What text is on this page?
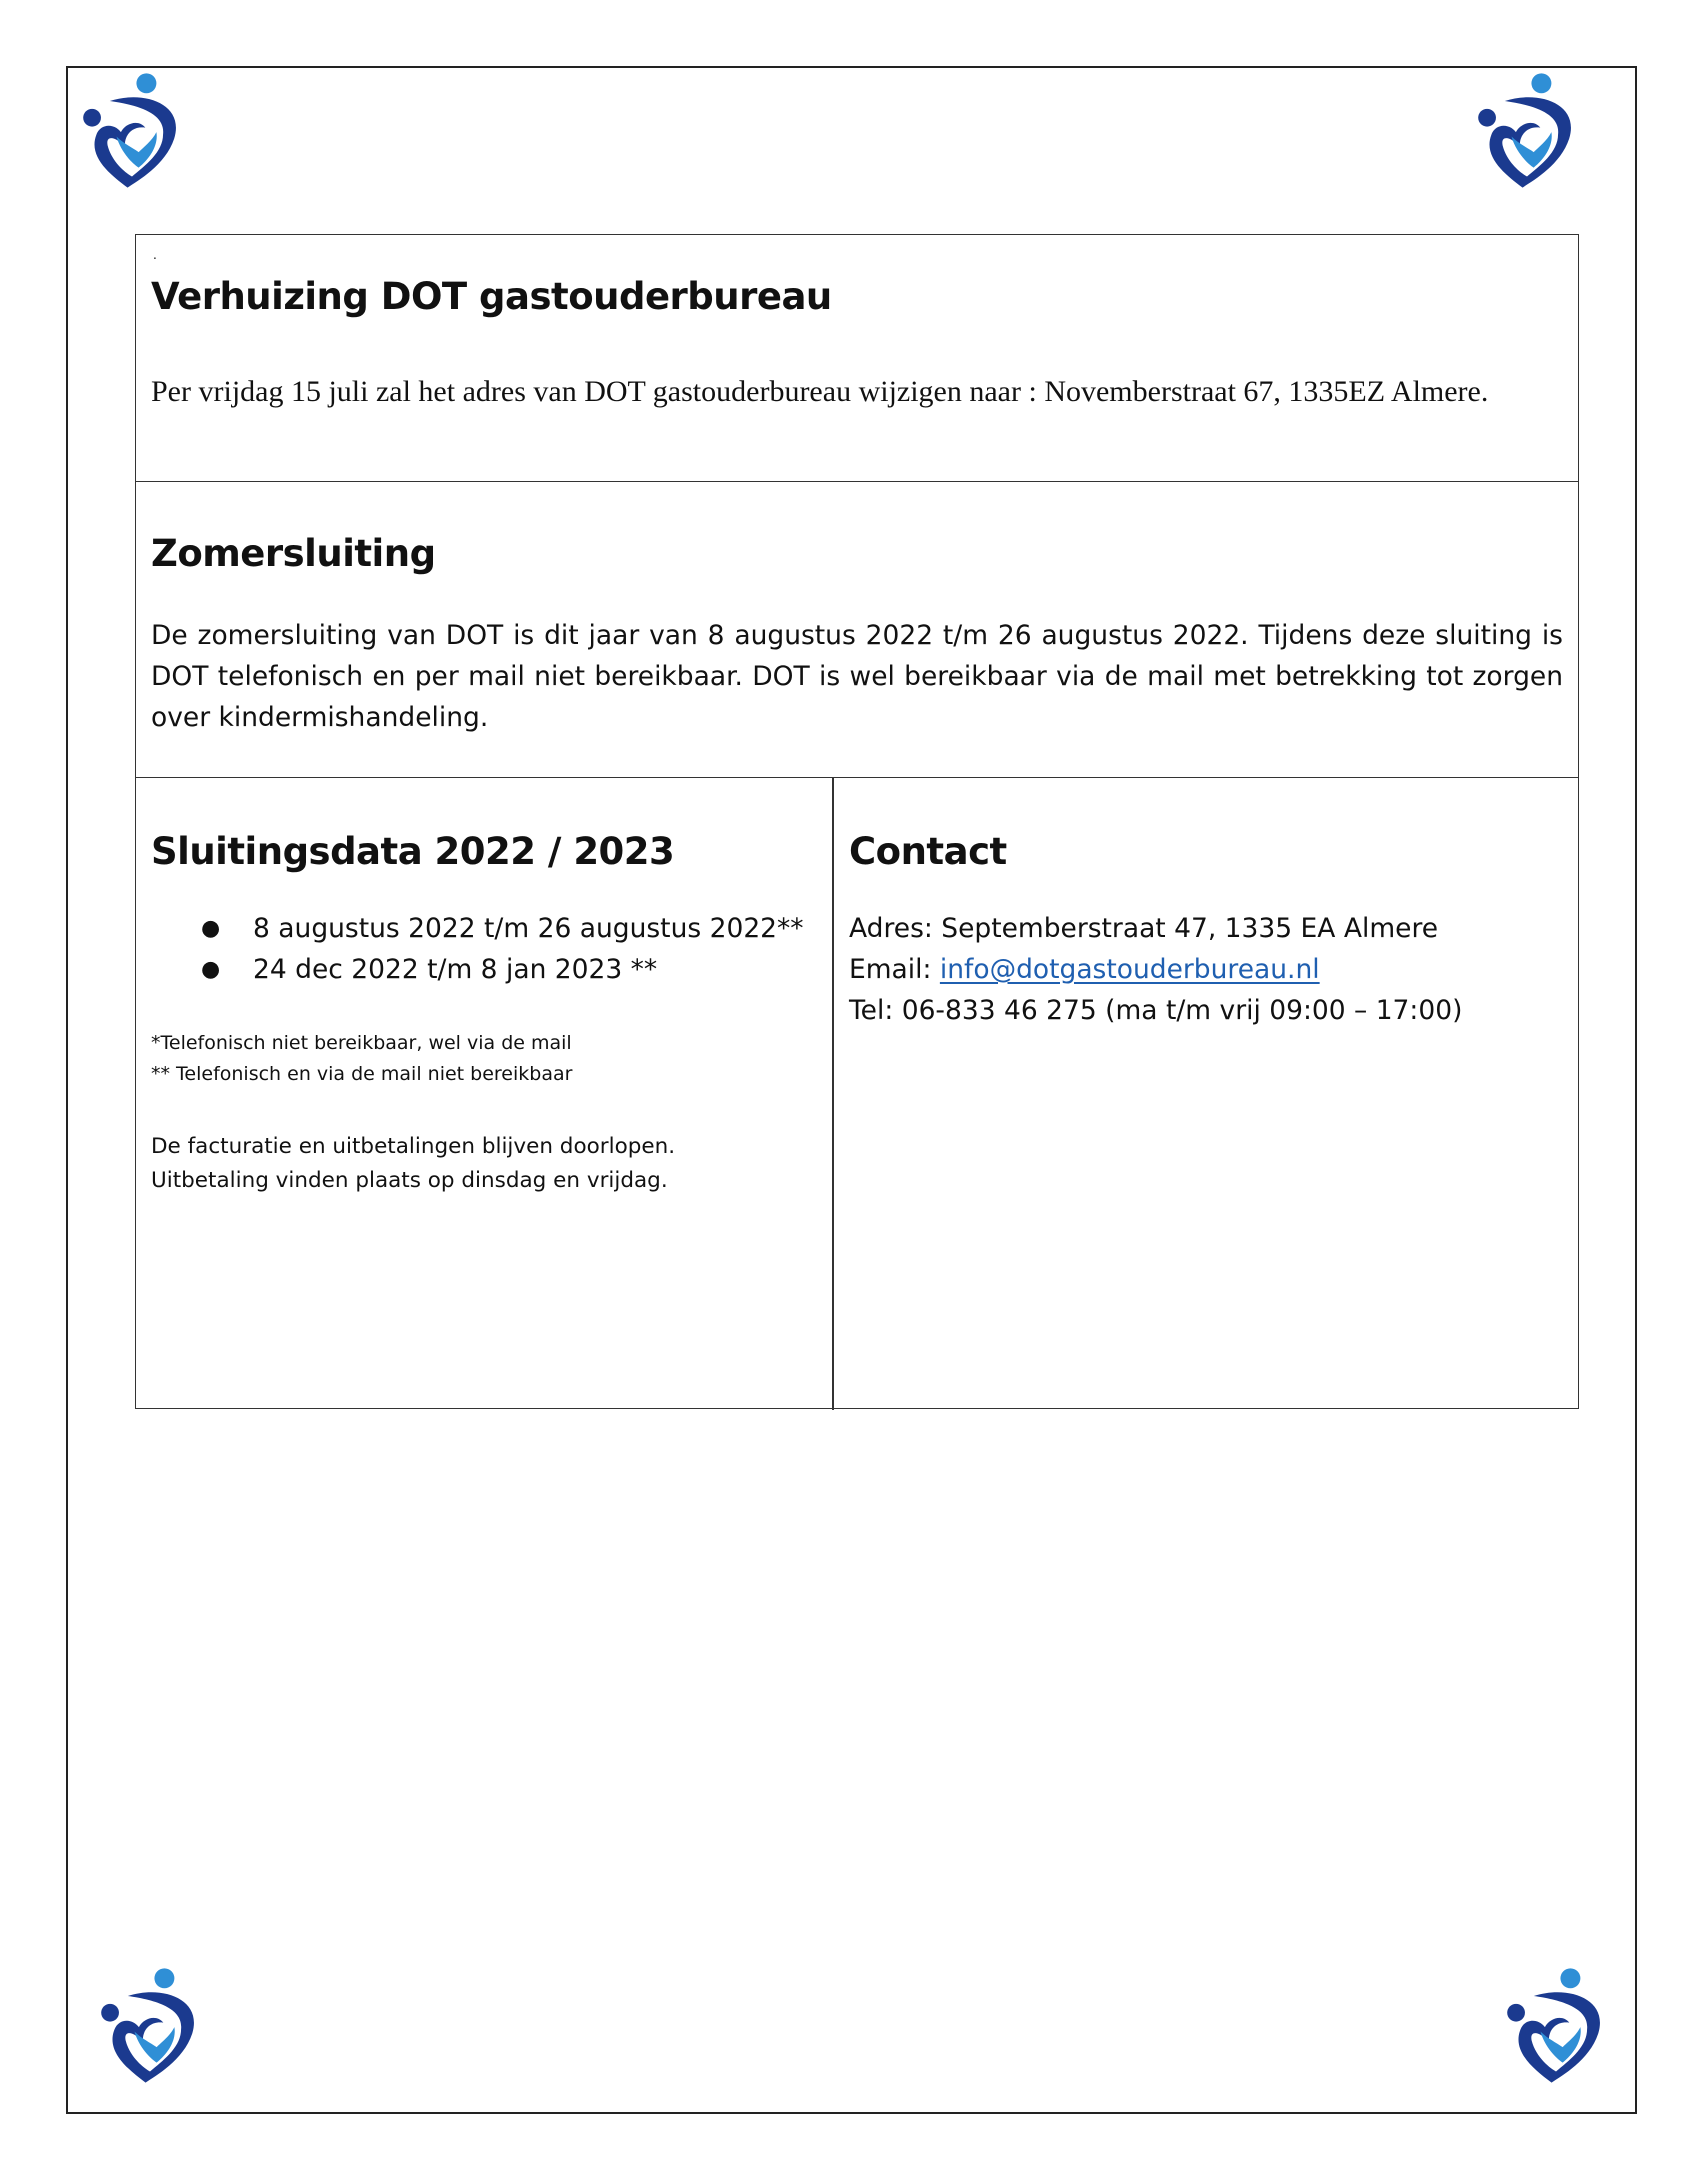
.
Verhuizing DOT gastouderbureau

Per vrijdag 15 juli zal het adres van DOT gastouderbureau wijzigen naar : Novemberstraat 67, 1335EZ Almere.

Zomersluiting

De zomersluiting van DOT is dit jaar van 8 augustus 2022 t/m 26 augustus 2022. Tijdens deze sluiting is DOT telefonisch en per mail niet bereikbaar. DOT is wel bereikbaar via de mail met betrekking tot zorgen over kindermishandeling.

Sluitingsdata 2022 / 2023
● 8 augustus 2022 t/m 26 augustus 2022**
● 24 dec 2022 t/m 8 jan 2023 **
*Telefonisch niet bereikbaar, wel via de mail
** Telefonisch en via de mail niet bereikbaar
De facturatie en uitbetalingen blijven doorlopen.
Uitbetaling vinden plaats op dinsdag en vrijdag.
Contact
Adres: Septemberstraat 47, 1335 EA Almere
Email: info@dotgastouderbureau.nl
Tel: 06-833 46 275 (ma t/m vrij 09:00 – 17:00)
